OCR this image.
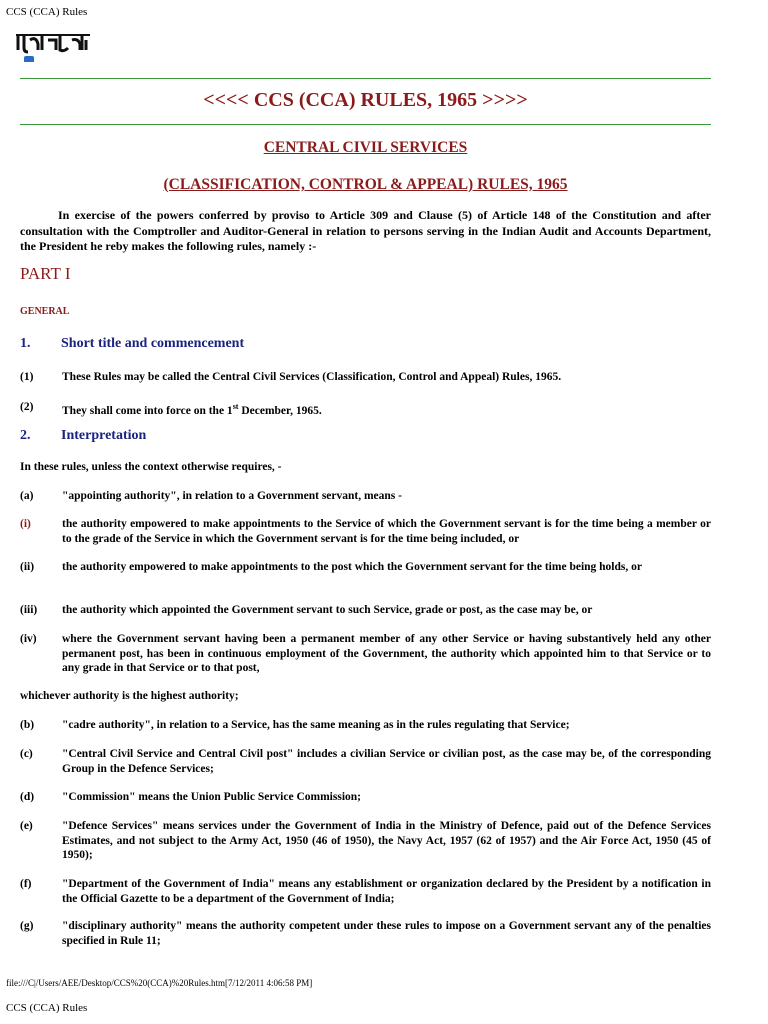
CCS (CCA) Rules
<<<< CCS (CCA) RULES, 1965 >>>>
CENTRAL CIVIL SERVICES
(CLASSIFICATION, CONTROL & APPEAL) RULES, 1965
In exercise of the powers conferred by proviso to Article 309 and Clause (5) of Article 148 of the Constitution and after consultation with the Comptroller and Auditor-General in relation to persons serving in the Indian Audit and Accounts Department, the President he reby makes the following rules, namely :-
PART I
GENERAL
1. Short title and commencement
(1) These Rules may be called the Central Civil Services (Classification, Control and Appeal) Rules, 1965.
(2) They shall come into force on the 1st December, 1965.
2. Interpretation
In these rules, unless the context otherwise requires, -
(a) "appointing authority", in relation to a Government servant, means -
(i)	the authority empowered to make appointments to the Service of which the Government servant is for the time being a member or to the grade of the Service in which the Government servant is for the time being included, or
(ii) the authority empowered to make appointments to the post which the Government servant for the time being holds, or
(iii) the authority which appointed the Government servant to such Service, grade or post, as the case may be, or
(iv) where the Government servant having been a permanent member of any other Service or having substantively held any other permanent post, has been in continuous employment of the Government, the authority which appointed him to that Service or to any grade in that Service or to that post,
whichever authority is the highest authority;
(b) "cadre authority", in relation to a Service, has the same meaning as in the rules regulating that Service;
(c)	"Central Civil Service and Central Civil post" includes a civilian Service or civilian post, as the case may be, of the corresponding Group in the Defence Services;
(d) "Commission" means the Union Public Service Commission;
(e)	"Defence Services" means services under the Government of India in the Ministry of Defence, paid out of the Defence Services Estimates, and not subject to the Army Act, 1950 (46 of 1950), the Navy Act, 1957 (62 of 1957) and the Air Force Act, 1950 (45 of 1950);
(f)	"Department of the Government of India" means any establishment or organization declared by the President by a notification in the Official Gazette to be a department of the Government of India;
(g) "disciplinary authority" means the authority competent under these rules to impose on a Government servant any of the penalties specified in Rule 11;
file:///C|/Users/AEE/Desktop/CCS%20(CCA)%20Rules.htm[7/12/2011 4:06:58 PM]
CCS (CCA) Rules
